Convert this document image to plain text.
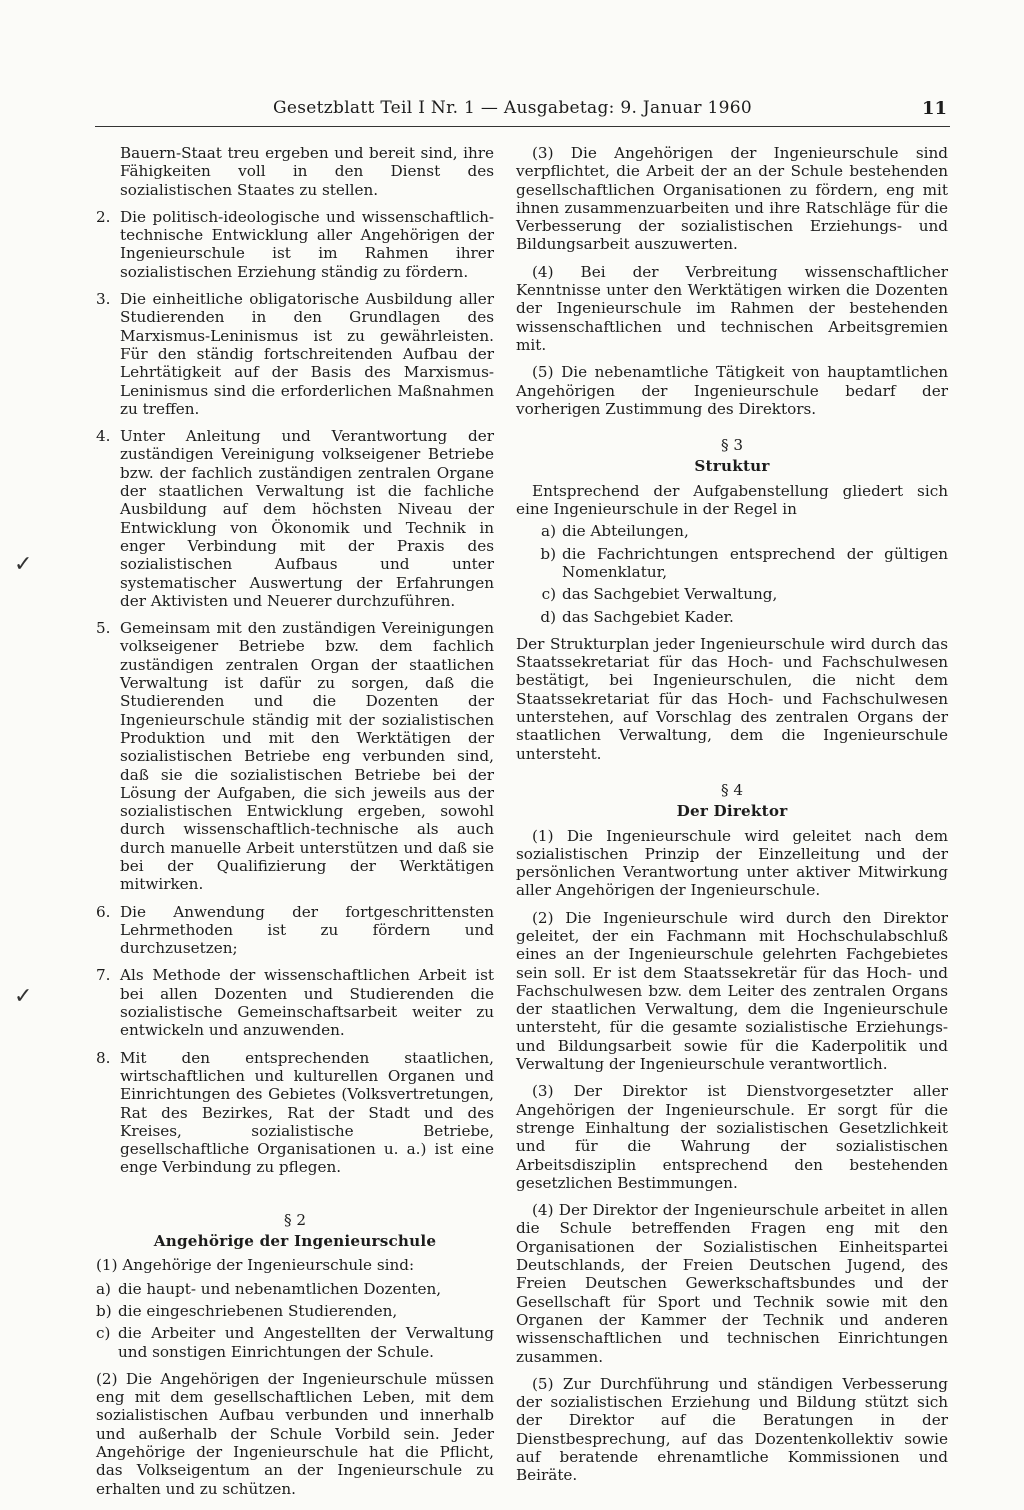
Gesetzblatt Teil I Nr. 1 — Ausgabetag: 9. Januar 1960	11
✓
✓
Bauern-Staat treu ergeben und bereit sind, ihre Fähigkeiten voll in den Dienst des sozialistischen Staates zu stellen.
2. Die politisch-ideologische und wissenschaftlich-technische Entwicklung aller Angehörigen der Ingenieurschule ist im Rahmen ihrer sozialistischen Erziehung ständig zu fördern.
3. Die einheitliche obligatorische Ausbildung aller Studierenden in den Grundlagen des Marxismus-Leninismus ist zu gewährleisten. Für den ständig fortschreitenden Aufbau der Lehrtätigkeit auf der Basis des Marxismus-Leninismus sind die erforderlichen Maßnahmen zu treffen.
4. Unter Anleitung und Verantwortung der zuständigen Vereinigung volkseigener Betriebe bzw. der fachlich zuständigen zentralen Organe der staatlichen Verwaltung ist die fachliche Ausbildung auf dem höchsten Niveau der Entwicklung von Ökonomik und Technik in enger Verbindung mit der Praxis des sozialistischen Aufbaus und unter systematischer Auswertung der Erfahrungen der Aktivisten und Neuerer durchzuführen.
5. Gemeinsam mit den zuständigen Vereinigungen volkseigener Betriebe bzw. dem fachlich zuständigen zentralen Organ der staatlichen Verwaltung ist dafür zu sorgen, daß die Studierenden und die Dozenten der Ingenieurschule ständig mit der sozialistischen Produktion und mit den Werktätigen der sozialistischen Betriebe eng verbunden sind, daß sie die sozialistischen Betriebe bei der Lösung der Aufgaben, die sich jeweils aus der sozialistischen Entwicklung ergeben, sowohl durch wissenschaftlich-technische als auch durch manuelle Arbeit unterstützen und daß sie bei der Qualifizierung der Werktätigen mitwirken.
6. Die Anwendung der fortgeschrittensten Lehrmethoden ist zu fördern und durchzusetzen;
7. Als Methode der wissenschaftlichen Arbeit ist bei allen Dozenten und Studierenden die sozialistische Gemeinschaftsarbeit weiter zu entwickeln und anzuwenden.
8. Mit den entsprechenden staatlichen, wirtschaftlichen und kulturellen Organen und Einrichtungen des Gebietes (Volksvertretungen, Rat des Bezirkes, Rat der Stadt und des Kreises, sozialistische Betriebe, gesellschaftliche Organisationen u. a.) ist eine enge Verbindung zu pflegen.
§ 2
Angehörige der Ingenieurschule

(1) Angehörige der Ingenieurschule sind:

a) die haupt- und nebenamtlichen Dozenten,
b) die eingeschriebenen Studierenden,
c) die Arbeiter und Angestellten der Verwaltung und sonstigen Einrichtungen der Schule.

(2) Die Angehörigen der Ingenieurschule müssen eng mit dem gesellschaftlichen Leben, mit dem sozialistischen Aufbau verbunden und innerhalb und außerhalb der Schule Vorbild sein. Jeder Angehörige der Ingenieurschule hat die Pflicht, das Volkseigentum an der Ingenieurschule zu erhalten und zu schützen.

(3) Die Angehörigen der Ingenieurschule sind verpflichtet, die Arbeit der an der Schule bestehenden gesellschaftlichen Organisationen zu fördern, eng mit ihnen zusammenzuarbeiten und ihre Ratschläge für die Verbesserung der sozialistischen Erziehungs- und Bildungsarbeit auszuwerten.

(4) Bei der Verbreitung wissenschaftlicher Kenntnisse unter den Werktätigen wirken die Dozenten der Ingenieurschule im Rahmen der bestehenden wissenschaftlichen und technischen Arbeitsgremien mit.

(5) Die nebenamtliche Tätigkeit von hauptamtlichen Angehörigen der Ingenieurschule bedarf der vorherigen Zustimmung des Direktors.

§ 3
Struktur

Entsprechend der Aufgabenstellung gliedert sich eine Ingenieurschule in der Regel in

a) die Abteilungen,
b) die Fachrichtungen entsprechend der gültigen Nomenklatur,
c) das Sachgebiet Verwaltung,
d) das Sachgebiet Kader.

Der Strukturplan jeder Ingenieurschule wird durch das Staatssekretariat für das Hoch- und Fachschulwesen bestätigt, bei Ingenieurschulen, die nicht dem Staatssekretariat für das Hoch- und Fachschulwesen unterstehen, auf Vorschlag des zentralen Organs der staatlichen Verwaltung, dem die Ingenieurschule untersteht.

§ 4
Der Direktor

(1) Die Ingenieurschule wird geleitet nach dem sozialistischen Prinzip der Einzelleitung und der persönlichen Verantwortung unter aktiver Mitwirkung aller Angehörigen der Ingenieurschule.

(2) Die Ingenieurschule wird durch den Direktor geleitet, der ein Fachmann mit Hochschulabschluß eines an der Ingenieurschule gelehrten Fachgebietes sein soll. Er ist dem Staatssekretär für das Hoch- und Fachschulwesen bzw. dem Leiter des zentralen Organs der staatlichen Verwaltung, dem die Ingenieurschule untersteht, für die gesamte sozialistische Erziehungs- und Bildungsarbeit sowie für die Kaderpolitik und Verwaltung der Ingenieurschule verantwortlich.

(3) Der Direktor ist Dienstvorgesetzter aller Angehörigen der Ingenieurschule. Er sorgt für die strenge Einhaltung der sozialistischen Gesetzlichkeit und für die Wahrung der sozialistischen Arbeitsdisziplin entsprechend den bestehenden gesetzlichen Bestimmungen.

(4) Der Direktor der Ingenieurschule arbeitet in allen die Schule betreffenden Fragen eng mit den Organisationen der Sozialistischen Einheitspartei Deutschlands, der Freien Deutschen Jugend, des Freien Deutschen Gewerkschaftsbundes und der Gesellschaft für Sport und Technik sowie mit den Organen der Kammer der Technik und anderen wissenschaftlichen und technischen Einrichtungen zusammen.

(5) Zur Durchführung und ständigen Verbesserung der sozialistischen Erziehung und Bildung stützt sich der Direktor auf die Beratungen in der Dienstbesprechung, auf das Dozentenkollektiv sowie auf beratende ehrenamtliche Kommissionen und Beiräte.
